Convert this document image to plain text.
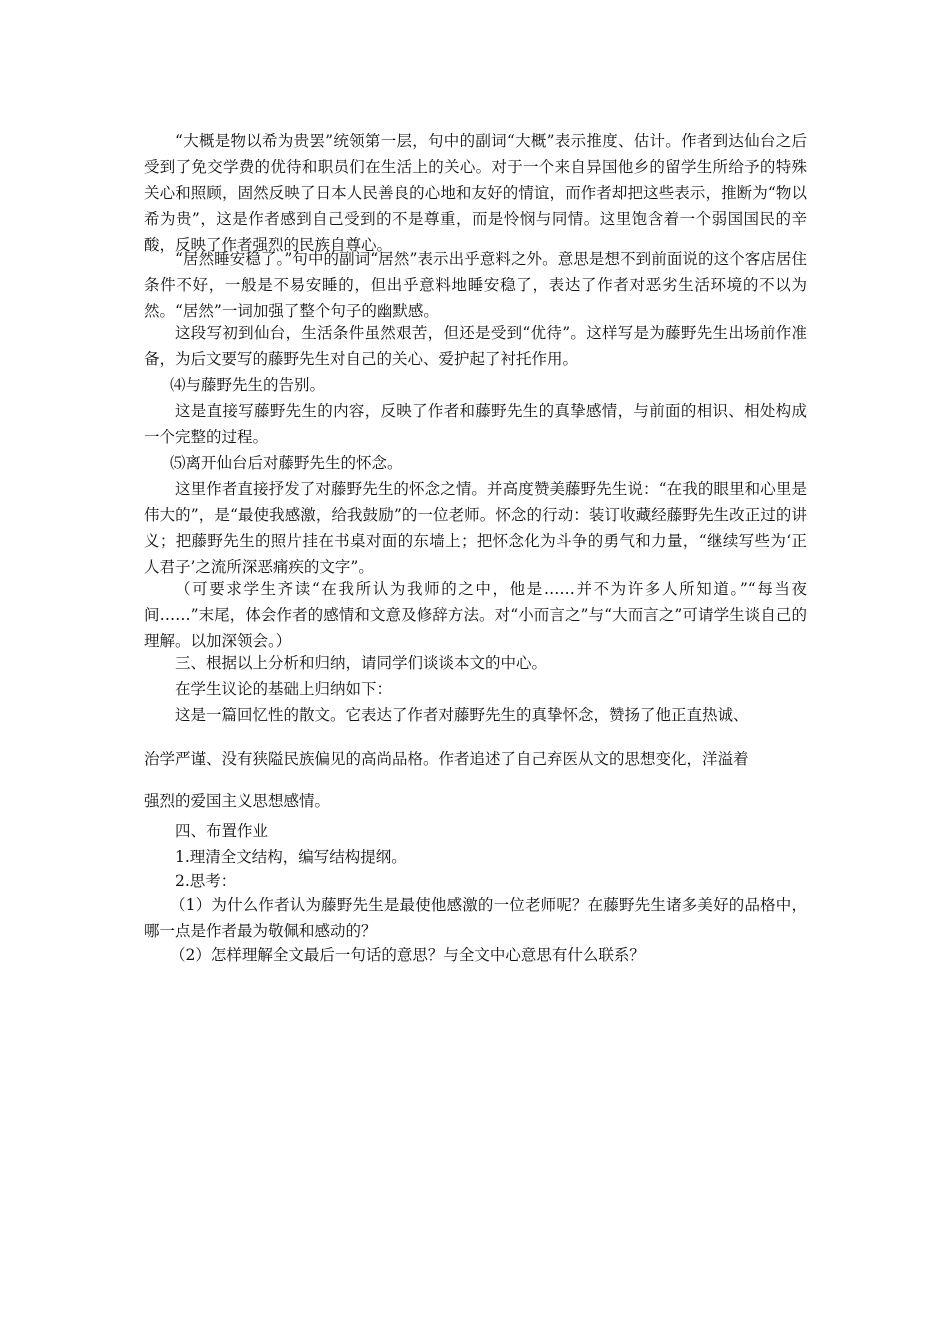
“大概是物以希为贵罢”统领第一层，句中的副词“大概”表示推度、估计。作者到达仙台之后受到了免交学费的优待和职员们在生活上的关心。对于一个来自异国他乡的留学生所给予的特殊关心和照顾，固然反映了日本人民善良的心地和友好的情谊，而作者却把这些表示，推断为“物以希为贵”，这是作者感到自己受到的不是尊重，而是怜悯与同情。这里饱含着一个弱国国民的辛酸，反映了作者强烈的民族自尊心。

“居然睡安稳了。”句中的副词“居然”表示出乎意料之外。意思是想不到前面说的这个客店居住条件不好，一般是不易安睡的，但出乎意料地睡安稳了，表达了作者对恶劣生活环境的不以为然。“居然”一词加强了整个句子的幽默感。

这段写初到仙台，生活条件虽然艰苦，但还是受到“优待”。这样写是为藤野先生出场前作准备，为后文要写的藤野先生对自己的关心、爱护起了衬托作用。

⑷与藤野先生的告别。

这是直接写藤野先生的内容，反映了作者和藤野先生的真挚感情，与前面的相识、相处构成一个完整的过程。

⑸离开仙台后对藤野先生的怀念。

这里作者直接抒发了对藤野先生的怀念之情。并高度赞美藤野先生说：“在我的眼里和心里是伟大的”，是“最使我感激，给我鼓励”的一位老师。怀念的行动：装订收藏经藤野先生改正过的讲义；把藤野先生的照片挂在书桌对面的东墙上；把怀念化为斗争的勇气和力量，“继续写些为‘正人君子’之流所深恶痛疾的文字”。

（可要求学生齐读“在我所认为我师的之中，他是……并不为许多人所知道。”“每当夜间……”末尾，体会作者的感情和文意及修辞方法。对“小而言之”与“大而言之”可请学生谈自己的理解。以加深领会。）

三、根据以上分析和归纳，请同学们谈谈本文的中心。

在学生议论的基础上归纳如下：

这是一篇回忆性的散文。它表达了作者对藤野先生的真挚怀念，赞扬了他正直热诚、
治学严谨、没有狭隘民族偏见的高尚品格。作者追述了自己弃医从文的思想变化，洋溢着
强烈的爱国主义思想感情。

四、布置作业

1.理清全文结构，编写结构提纲。

2.思考：

（1）为什么作者认为藤野先生是最使他感激的一位老师呢？在藤野先生诸多美好的品格中，哪一点是作者最为敬佩和感动的？

（2）怎样理解全文最后一句话的意思？与全文中心意思有什么联系？
